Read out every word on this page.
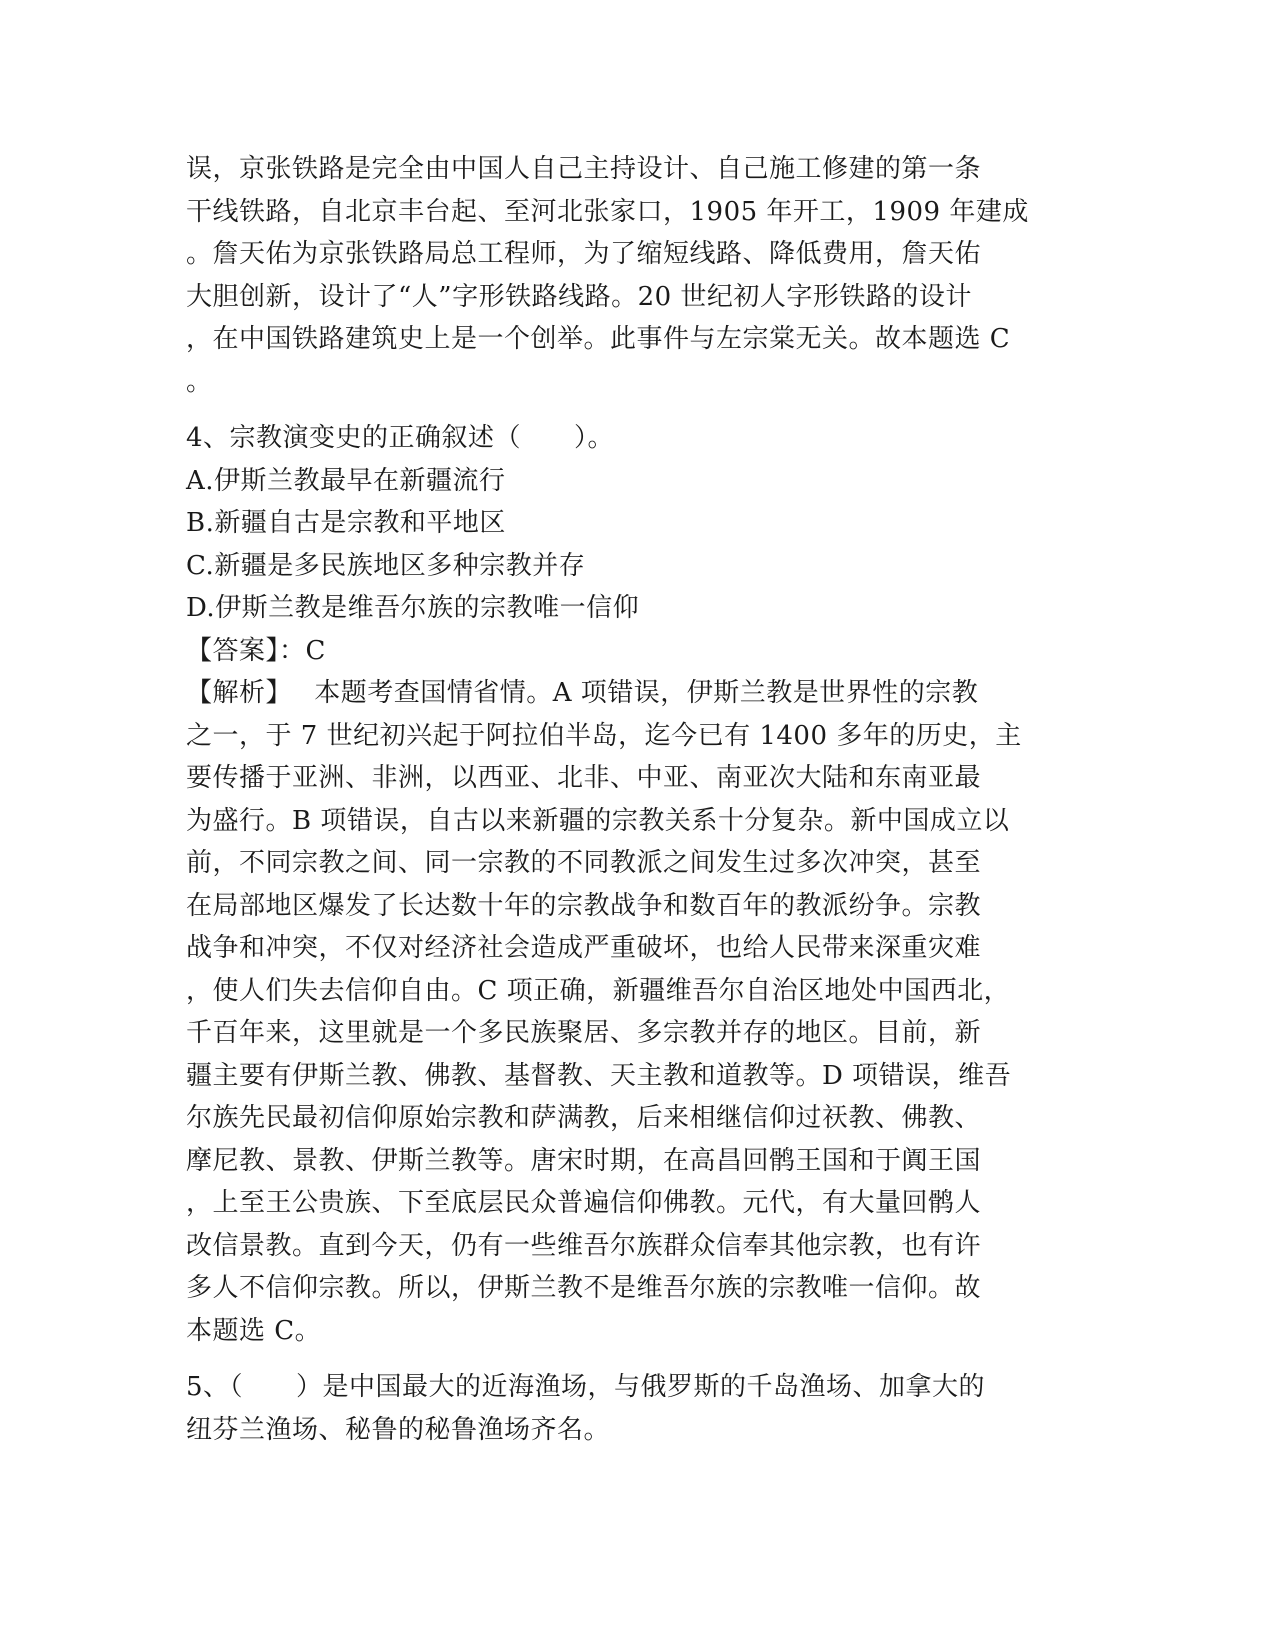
误，京张铁路是完全由中国人自己主持设计、自己施工修建的第一条
干线铁路，自北京丰台起、至河北张家口，1905 年开工，1909 年建成
。詹天佑为京张铁路局总工程师，为了缩短线路、降低费用，詹天佑
大胆创新，设计了“人”字形铁路线路。20 世纪初人字形铁路的设计
，在中国铁路建筑史上是一个创举。此事件与左宗棠无关。故本题选 C
。
4、宗教演变史的正确叙述（　　）。
A.伊斯兰教最早在新疆流行
B.新疆自古是宗教和平地区
C.新疆是多民族地区多种宗教并存
D.伊斯兰教是维吾尔族的宗教唯一信仰
【答案】：C
【解析】　 本题考查国情省情。A 项错误，伊斯兰教是世界性的宗教
之一，于 7 世纪初兴起于阿拉伯半岛，迄今已有 1400 多年的历史，主
要传播于亚洲、非洲，以西亚、北非、中亚、南亚次大陆和东南亚最
为盛行。B 项错误，自古以来新疆的宗教关系十分复杂。新中国成立以
前，不同宗教之间、同一宗教的不同教派之间发生过多次冲突，甚至
在局部地区爆发了长达数十年的宗教战争和数百年的教派纷争。宗教
战争和冲突，不仅对经济社会造成严重破坏，也给人民带来深重灾难
，使人们失去信仰自由。C 项正确，新疆维吾尔自治区地处中国西北，
千百年来，这里就是一个多民族聚居、多宗教并存的地区。目前，新
疆主要有伊斯兰教、佛教、基督教、天主教和道教等。D 项错误，维吾
尔族先民最初信仰原始宗教和萨满教，后来相继信仰过祆教、佛教、
摩尼教、景教、伊斯兰教等。唐宋时期，在高昌回鹘王国和于阗王国
，上至王公贵族、下至底层民众普遍信仰佛教。元代，有大量回鹘人
改信景教。直到今天，仍有一些维吾尔族群众信奉其他宗教，也有许
多人不信仰宗教。所以，伊斯兰教不是维吾尔族的宗教唯一信仰。故
本题选 C。
5、（　　）是中国最大的近海渔场，与俄罗斯的千岛渔场、加拿大的
纽芬兰渔场、秘鲁的秘鲁渔场齐名。
